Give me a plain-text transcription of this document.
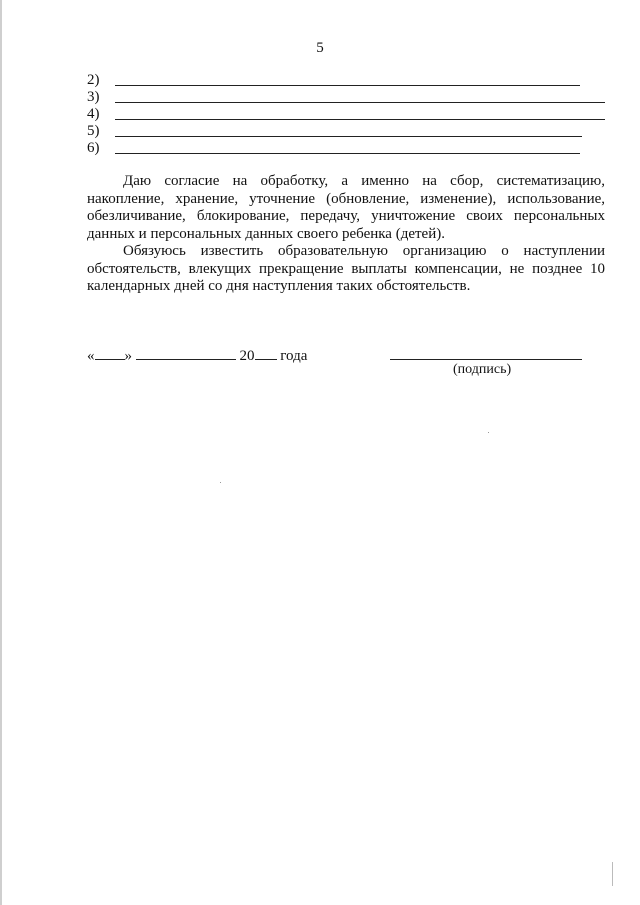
5
2)
3)
4)
5)
6)

Даю согласие на обработку, а именно на сбор, систематизацию, накопление, хранение, уточнение (обновление, изменение), использование, обезличивание, блокирование, передачу, уничтожение своих персональных данных и персональных данных своего ребенка (детей).

Обязуюсь известить образовательную организацию о наступлении обстоятельств, влекущих прекращение выплаты компенсации, не позднее 10 календарных дней со дня наступления таких обстоятельств.

« »	20 года
(подпись)
